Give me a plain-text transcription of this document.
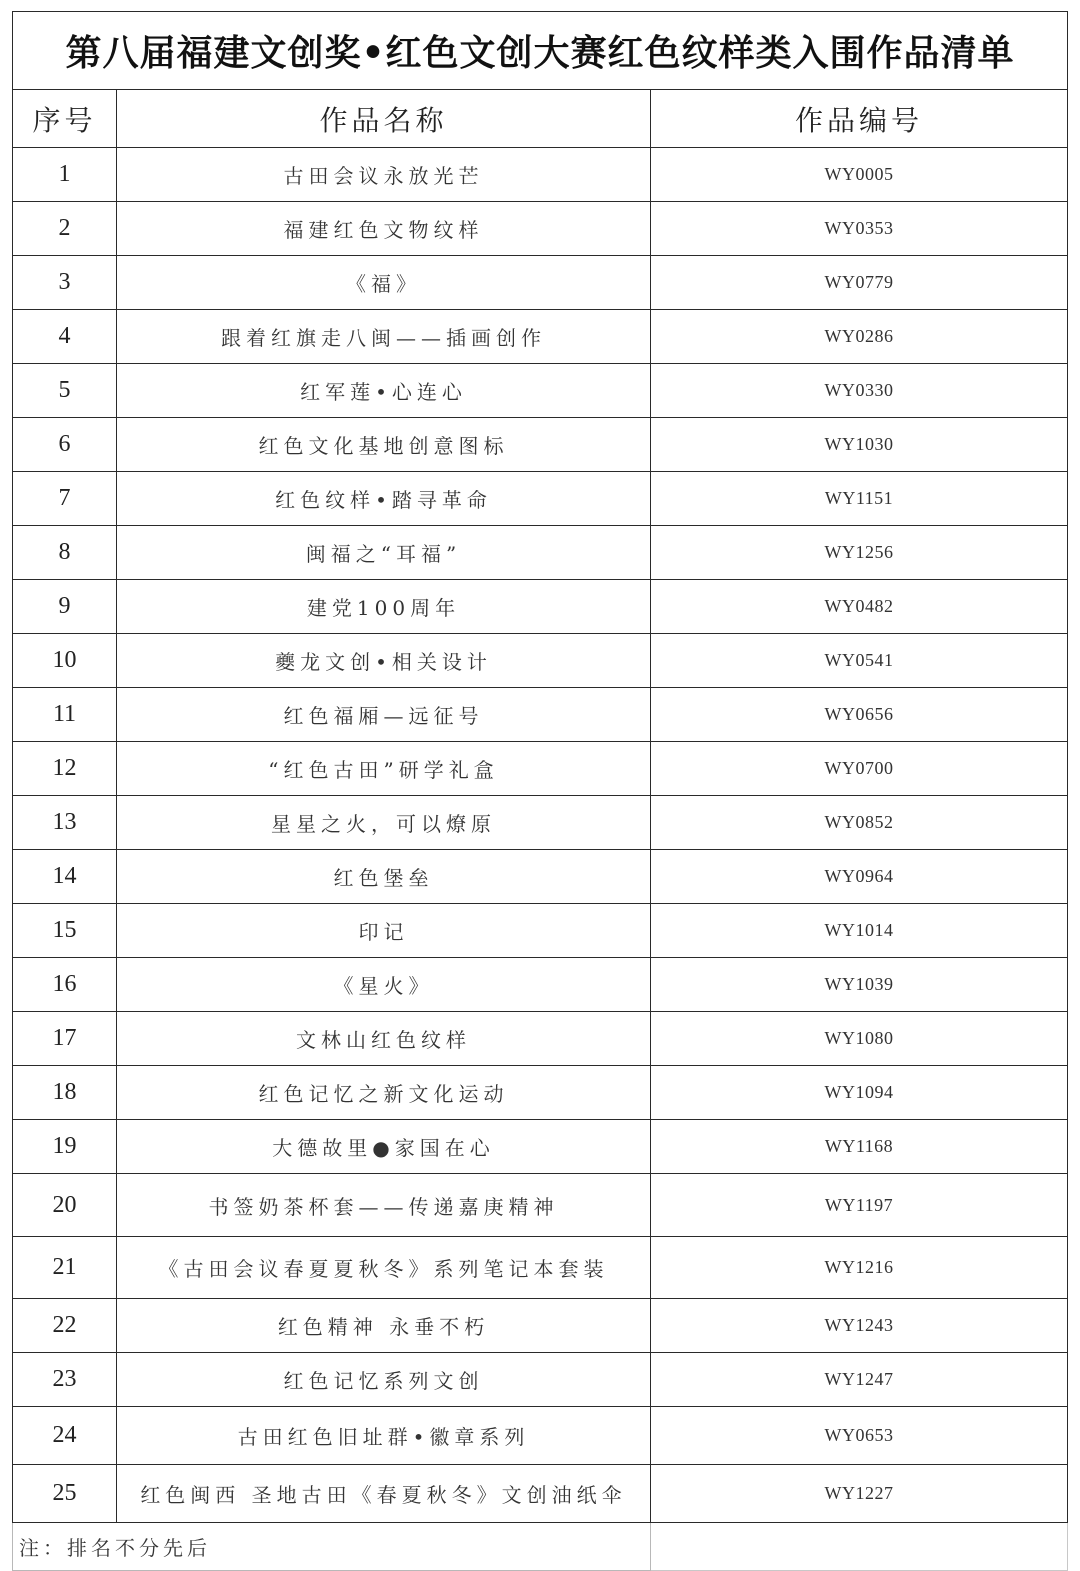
第八届福建文创奖•红色文创大赛红色纹样类入围作品清单		
序号	作品名称	作品编号
1	古田会议永放光芒	WY0005
2	福建红色文物纹样	WY0353
3	《福》	WY0779
4	跟着红旗走八闽——插画创作	WY0286
5	红军莲•心连心	WY0330
6	红色文化基地创意图标	WY1030
7	红色纹样•踏寻革命	WY1151
8	闽福之“耳福”	WY1256
9	建党100周年	WY0482
10	夔龙文创•相关设计	WY0541
11	红色福厢—远征号	WY0656
12	“红色古田”研学礼盒	WY0700
13	星星之火，可以燎原	WY0852
14	红色堡垒	WY0964
15	印记	WY1014
16	《星火》	WY1039
17	文林山红色纹样	WY1080
18	红色记忆之新文化运动	WY1094
19	大德故里●家国在心	WY1168
20	书签奶茶杯套——传递嘉庚精神	WY1197
21	《古田会议春夏夏秋冬》系列笔记本套装	WY1216
22	红色精神 永垂不朽	WY1243
23	红色记忆系列文创	WY1247
24	古田红色旧址群•徽章系列	WY0653
25	红色闽西 圣地古田《春夏秋冬》文创油纸伞	WY1227
注：排名不分先后		
